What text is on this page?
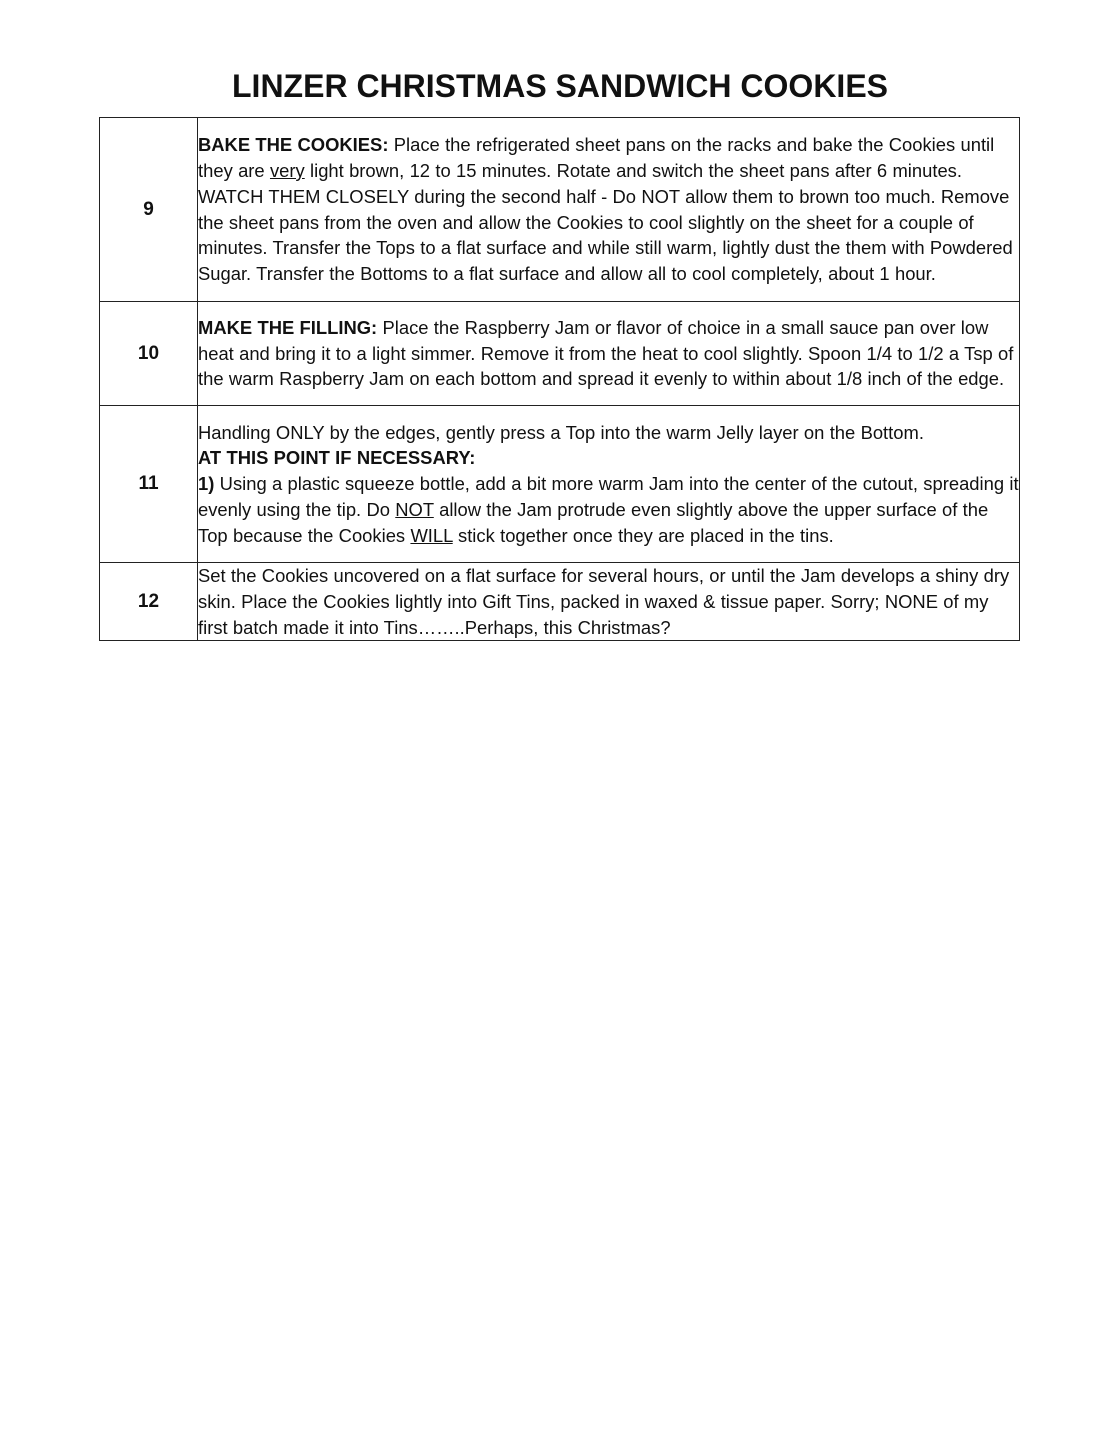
LINZER CHRISTMAS SANDWICH COOKIES
9	BAKE THE COOKIES: Place the refrigerated sheet pans on the racks and bake the Cookies until they are very light brown, 12 to 15 minutes. Rotate and switch the sheet pans after 6 minutes. WATCH THEM CLOSELY during the second half - Do NOT allow them to brown too much. Remove the sheet pans from the oven and allow the Cookies to cool slightly on the sheet for a couple of minutes. Transfer the Tops to a flat surface and while still warm, lightly dust the them with Powdered Sugar. Transfer the Bottoms to a flat surface and allow all to cool completely, about 1 hour.
10	MAKE THE FILLING: Place the Raspberry Jam or flavor of choice in a small sauce pan over low heat and bring it to a light simmer. Remove it from the heat to cool slightly. Spoon 1/4 to 1/2 a Tsp of the warm Raspberry Jam on each bottom and spread it evenly to within about 1/8 inch of the edge.
11	Handling ONLY by the edges, gently press a Top into the warm Jelly layer on the Bottom.
AT THIS POINT IF NECESSARY:
1) Using a plastic squeeze bottle, add a bit more warm Jam into the center of the cutout, spreading it evenly using the tip. Do NOT allow the Jam protrude even slightly above the upper surface of the Top because the Cookies WILL stick together once they are placed in the tins.
12	Set the Cookies uncovered on a flat surface for several hours, or until the Jam develops a shiny dry skin. Place the Cookies lightly into Gift Tins, packed in waxed & tissue paper. Sorry; NONE of my first batch made it into Tins……..Perhaps, this Christmas?
